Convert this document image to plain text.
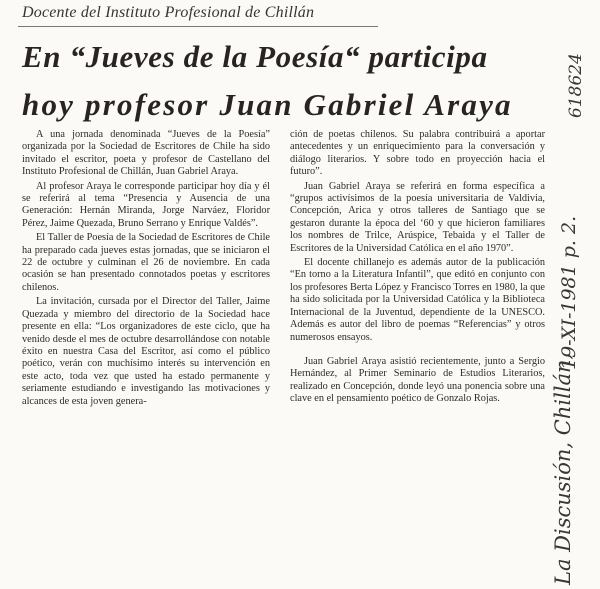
Docente del Instituto Profesional de Chillán
En “Jueves de la Poesía“ participa
hoy profesor Juan Gabriel Araya

A una jornada denominada “Jueves de la Poesía” organizada por la Sociedad de Escritores de Chile ha sido invitado el escritor, poeta y profesor de Castellano del Instituto Profesional de Chillán, Juan Gabriel Araya.

Al profesor Araya le corresponde participar hoy día y él se referirá al tema “Presencia y Ausencia de una Generación: Hernán Miranda, Jorge Narváez, Floridor Pérez, Jaime Quezada, Bruno Serrano y Enrique Valdés”.

El Taller de Poesía de la Sociedad de Escritores de Chile ha preparado cada jueves estas jornadas, que se iniciaron el 22 de octubre y culminan el 26 de noviembre. En cada ocasión se han presentado connotados poetas y escritores chilenos.

La invitación, cursada por el Director del Taller, Jaime Quezada y miembro del directorio de la Sociedad hace presente en ella: “Los organizadores de este ciclo, que ha venido desde el mes de octubre desarrollándose con notable éxito en nuestra Casa del Escritor, así como el público poético, verán con muchísimo interés su intervención en este acto, toda vez que usted ha estado permanente y seriamente estudiando e investigando las motivaciones y alcances de esta joven genera-

ción de poetas chilenos. Su palabra contribuirá a aportar antecedentes y un enriquecimiento para la conversación y diálogo literarios. Y sobre todo en proyección hacia el futuro”.

Juan Gabriel Araya se referirá en forma específica a “grupos activísimos de la poesía universitaria de Valdivia, Concepción, Arica y otros talleres de Santiago que se gestaron durante la época del ‘60 y que hicieron familiares los nombres de Trilce, Arúspice, Tebaida y el Taller de Escritores de la Universidad Católica en el año 1970”.

El docente chillanejo es además autor de la publicación “En torno a la Literatura Infantil”, que editó en conjunto con los profesores Berta López y Francisco Torres en 1980, la que ha sido solicitada por la Universidad Católica y la Biblioteca Internacional de la Juventud, dependiente de la UNESCO. Además es autor del libro de poemas “Referencias” y otros numerosos ensayos.

Juan Gabriel Araya asistió recientemente, junto a Sergio Hernández, al Primer Seminario de Estudios Literarios, realizado en Concepción, donde leyó una ponencia sobre una clave en el pensamiento poético de Gonzalo Rojas.	La Discusión, Chillán,
19-XI-1981 p. 2.
618624
